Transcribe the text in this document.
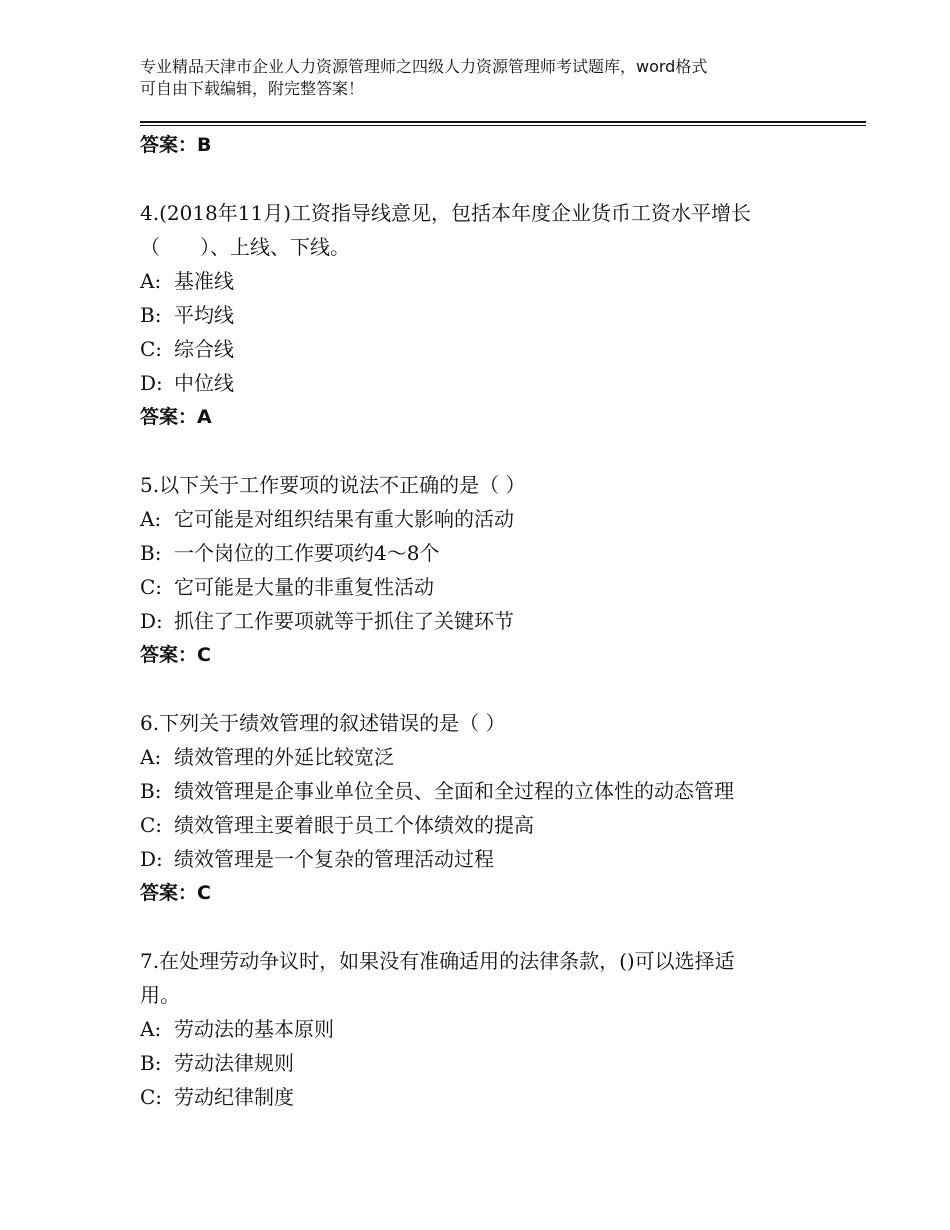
专业精品天津市企业人力资源管理师之四级人力资源管理师考试题库，word格式
可自由下载编辑，附完整答案！
答案：B
4.(2018年11月)工资指导线意见，包括本年度企业货币工资水平增长
（　　）、上线、下线。
A: 基准线
B: 平均线
C: 综合线
D: 中位线
答案：A
5.以下关于工作要项的说法不正确的是（ ）
A: 它可能是对组织结果有重大影响的活动
B: 一个岗位的工作要项约4～8个
C: 它可能是大量的非重复性活动
D: 抓住了工作要项就等于抓住了关键环节
答案：C
6.下列关于绩效管理的叙述错误的是（ ）
A: 绩效管理的外延比较宽泛
B: 绩效管理是企事业单位全员、全面和全过程的立体性的动态管理
C: 绩效管理主要着眼于员工个体绩效的提高
D: 绩效管理是一个复杂的管理活动过程
答案：C
7.在处理劳动争议时，如果没有准确适用的法律条款，()可以选择适
用。
A: 劳动法的基本原则
B: 劳动法律规则
C: 劳动纪律制度
